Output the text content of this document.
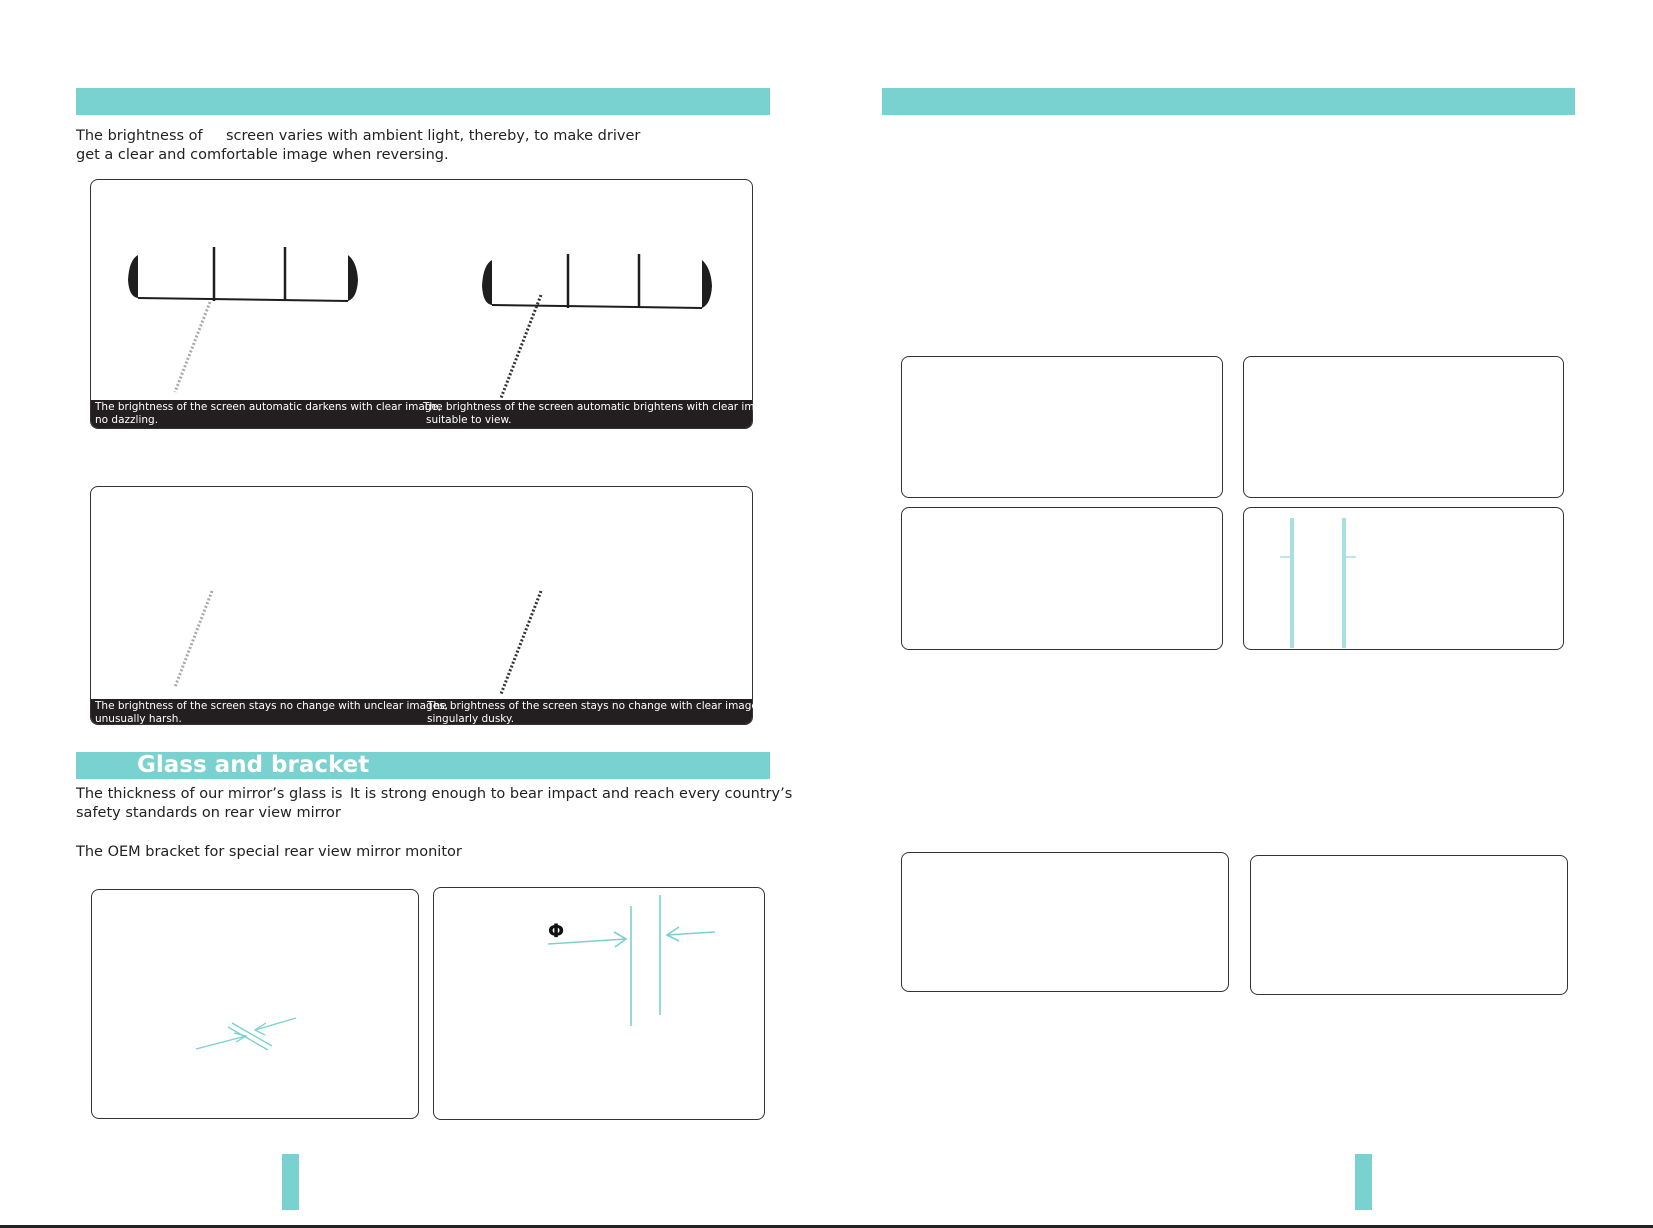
The brightness of screen varies with ambient light, thereby, to make driver
get a clear and comfortable image when reversing.
The brightness of the screen automatic darkens with clear image,
no dazzling.
The brightness of the screen automatic brightens with clear images,
suitable to view.
The brightness of the screen stays no change with unclear images,
unusually harsh.
The brightness of the screen stays no change with clear images,
singularly dusky.
Glass and bracket
The thickness of our mirror’s glass is It is strong enough to bear impact and reach every country’s
safety standards on rear view mirror
The OEM bracket for special rear view mirror monitor
Φ
